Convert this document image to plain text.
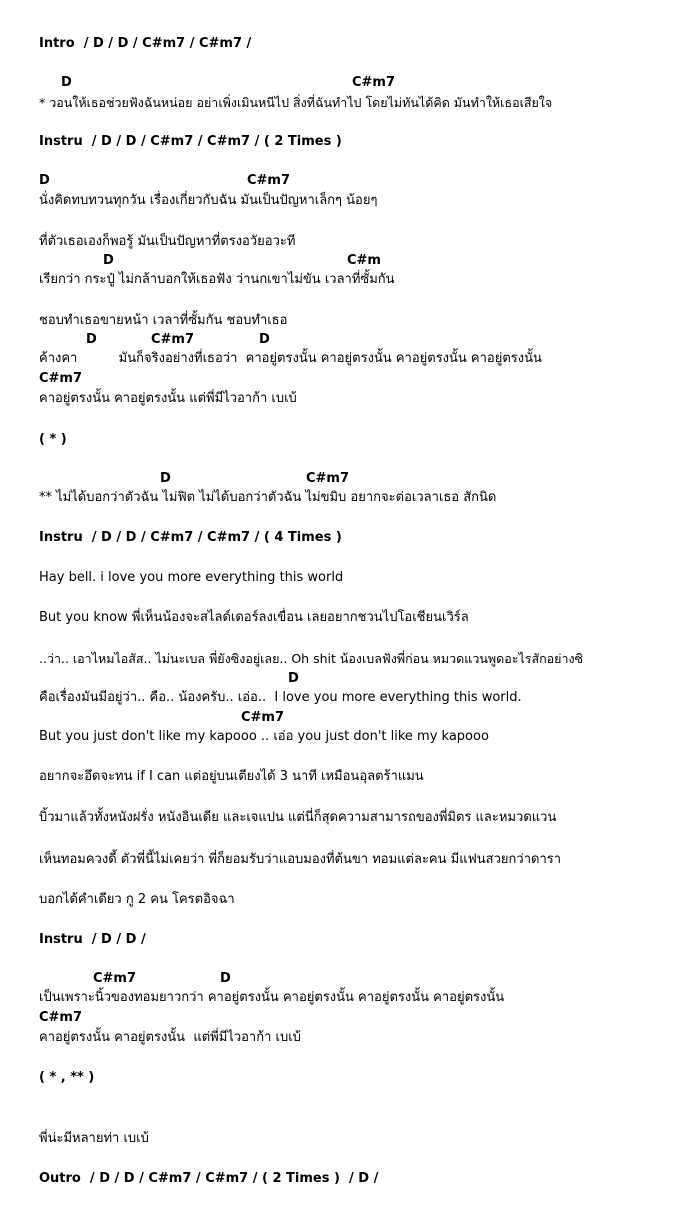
Intro  / D / D / C#m7 / C#m7 /

D	C#m7

* วอนให้เธอช่วยฟังฉันหน่อย อย่าเพิ่งเมินหนีไป สิ่งที่ฉันทำไป โดยไม่ทันได้คิด มันทำให้เธอเสียใจ

Instru  / D / D / C#m7 / C#m7 / ( 2 Times )

D	C#m7

นั่งคิดทบทวนทุกวัน เรื่องเกี่ยวกับฉัน มันเป็นปัญหาเล็กๆ น้อยๆ

ที่ตัวเธอเองก็พอรู้ มันเป็นปัญหาที่ตรงอวัยอวะที

D	C#m

เรียกว่า กระปู๋ ไม่กล้าบอกให้เธอฟัง ว่านกเขาไม่ขัน เวลาที่ซั้มกัน

ชอบทำเธอขายหน้า เวลาที่ซั้มกัน ชอบทำเธอ

D	C#m7	D

ค้างคา          มันก็จริงอย่างที่เธอว่า  คาอยู่ตรงนั้น คาอยู่ตรงนั้น คาอยู่ตรงนั้น คาอยู่ตรงนั้น

C#m7

คาอยู่ตรงนั้น คาอยู่ตรงนั้น แต่พี่มีไวอาก้า เบเบ้

( * )

D	C#m7

** ไม่ได้บอกว่าตัวฉัน ไม่ฟิต ไม่ได้บอกว่าตัวฉัน ไม่ขมิบ อยากจะต่อเวลาเธอ สักนิด

Instru  / D / D / C#m7 / C#m7 / ( 4 Times )

Hay bell. i love you more everything this world

But you know พี่เห็นน้องจะสไลด์เดอร์ลงเขื่อน เลยอยากชวนไปโอเชียนเวิร์ล

..ว่า.. เอาไหมไอสัส.. ไม่นะเบล พี่ยังซิงอยู่เลย.. Oh shit น้องเบลฟังพี่ก่อน หมวดแวนพูดอะไรสักอย่างซิ

D

คือเรื่องมันมีอยู่ว่า.. คือ.. น้องครับ.. เอ่อ..  I love you more everything this world.

C#m7

But you just don't like my kapooo .. เอ่อ you just don't like my kapooo

อยากจะอึดจะทน if I can แต่อยู่บนเตียงได้ 3 นาที เหมือนอุลตร้าแมน

บิ้วมาแล้วทั้งหนังฝรั่ง หนังอินเดีย และเจแปน แต่นี่ก็สุดความสามารถของพี่มิตร และหมวดแวน

เห็นทอมควงดี้ ตัวพี่นี้ไม่เคยว่า พี่ก็ยอมรับว่าแอบมองที่ต้นขา ทอมแต่ละคน มีแฟนสวยกว่าดารา

บอกได้คำเดียว กู 2 คน โครตอิจฉา

Instru  / D / D /

C#m7	D

เป็นเพราะนิ้วของทอมยาวกว่า คาอยู่ตรงนั้น คาอยู่ตรงนั้น คาอยู่ตรงนั้น คาอยู่ตรงนั้น

C#m7

คาอยู่ตรงนั้น คาอยู่ตรงนั้น  แต่พี่มีไวอาก้า เบเบ้

( * , ** )

พี่น่ะมีหลายท่า เบเบ้

Outro  / D / D / C#m7 / C#m7 / ( 2 Times )  / D /
